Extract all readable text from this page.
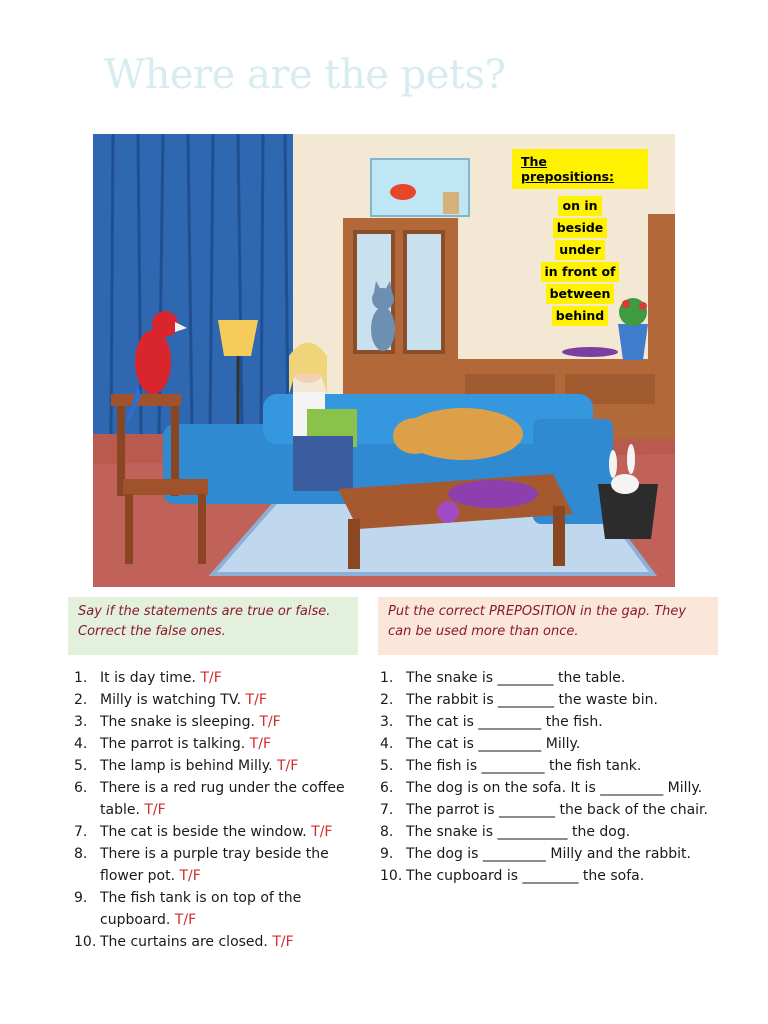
Where are the pets?
The prepositions:
on in
beside
under
in front of
between
behind
Say if the statements are true or false. Correct the false ones.
Put the correct PREPOSITION in the gap. They can be used more than once.
1. It is day time. T/F
2. Milly is watching TV. T/F
3. The snake is sleeping. T/F
4. The parrot is talking. T/F
5. The lamp is behind Milly. T/F
6. There is a red rug under the coffee table. T/F
7. The cat is beside the window. T/F
8. There is a purple tray beside the flower pot. T/F
9. The fish tank is on top of the cupboard. T/F
10. The curtains are closed. T/F
1. The snake is ________ the table.
2. The rabbit is ________ the waste bin.
3. The cat is _________ the fish.
4. The cat is _________ Milly.
5. The fish is _________ the fish tank.
6. The dog is on the sofa. It is _________ Milly.
7. The parrot is ________ the back of the chair.
8. The snake is __________ the dog.
9. The dog is _________ Milly and the rabbit.
10. The cupboard is ________ the sofa.
